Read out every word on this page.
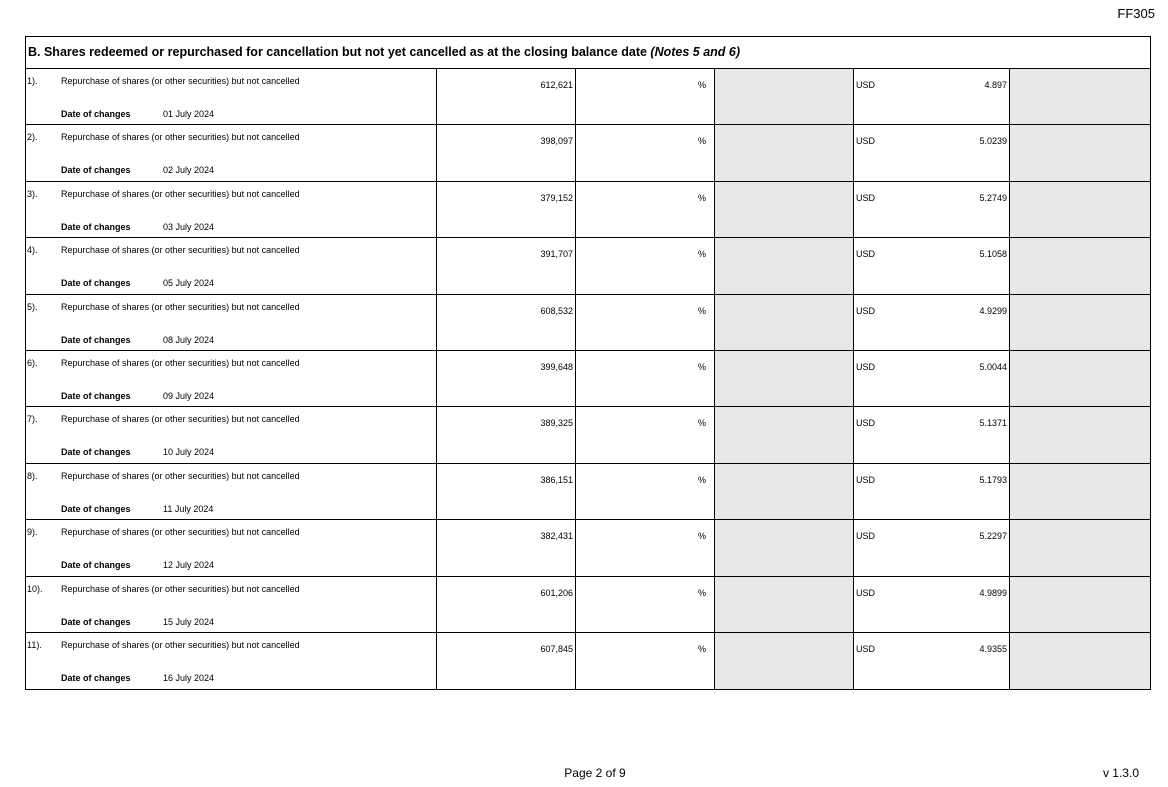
FF305
B. Shares redeemed or repurchased for cancellation but not yet cancelled as at the closing balance date (Notes 5 and 6)
1).	Repurchase of shares (or other securities) but not cancelled
Date of changes	01 July 2024
612,621	%	USD	4.897
2).	Repurchase of shares (or other securities) but not cancelled
Date of changes	02 July 2024
398,097	%	USD	5.0239
3).	Repurchase of shares (or other securities) but not cancelled
Date of changes	03 July 2024
379,152	%	USD	5.2749
4).	Repurchase of shares (or other securities) but not cancelled
Date of changes	05 July 2024
391,707	%	USD	5.1058
5).	Repurchase of shares (or other securities) but not cancelled
Date of changes	08 July 2024
608,532	%	USD	4.9299
6).	Repurchase of shares (or other securities) but not cancelled
Date of changes	09 July 2024
399,648	%	USD	5.0044
7).	Repurchase of shares (or other securities) but not cancelled
Date of changes	10 July 2024
389,325	%	USD	5.1371
8).	Repurchase of shares (or other securities) but not cancelled
Date of changes	11 July 2024
386,151	%	USD	5.1793
9).	Repurchase of shares (or other securities) but not cancelled
Date of changes	12 July 2024
382,431	%	USD	5.2297
10). Repurchase of shares (or other securities) but not cancelled
Date of changes	15 July 2024
601,206	%	USD	4.9899
11). Repurchase of shares (or other securities) but not cancelled
Date of changes	16 July 2024
607,845	%	USD	4.9355
Page 2 of 9	v 1.3.0
